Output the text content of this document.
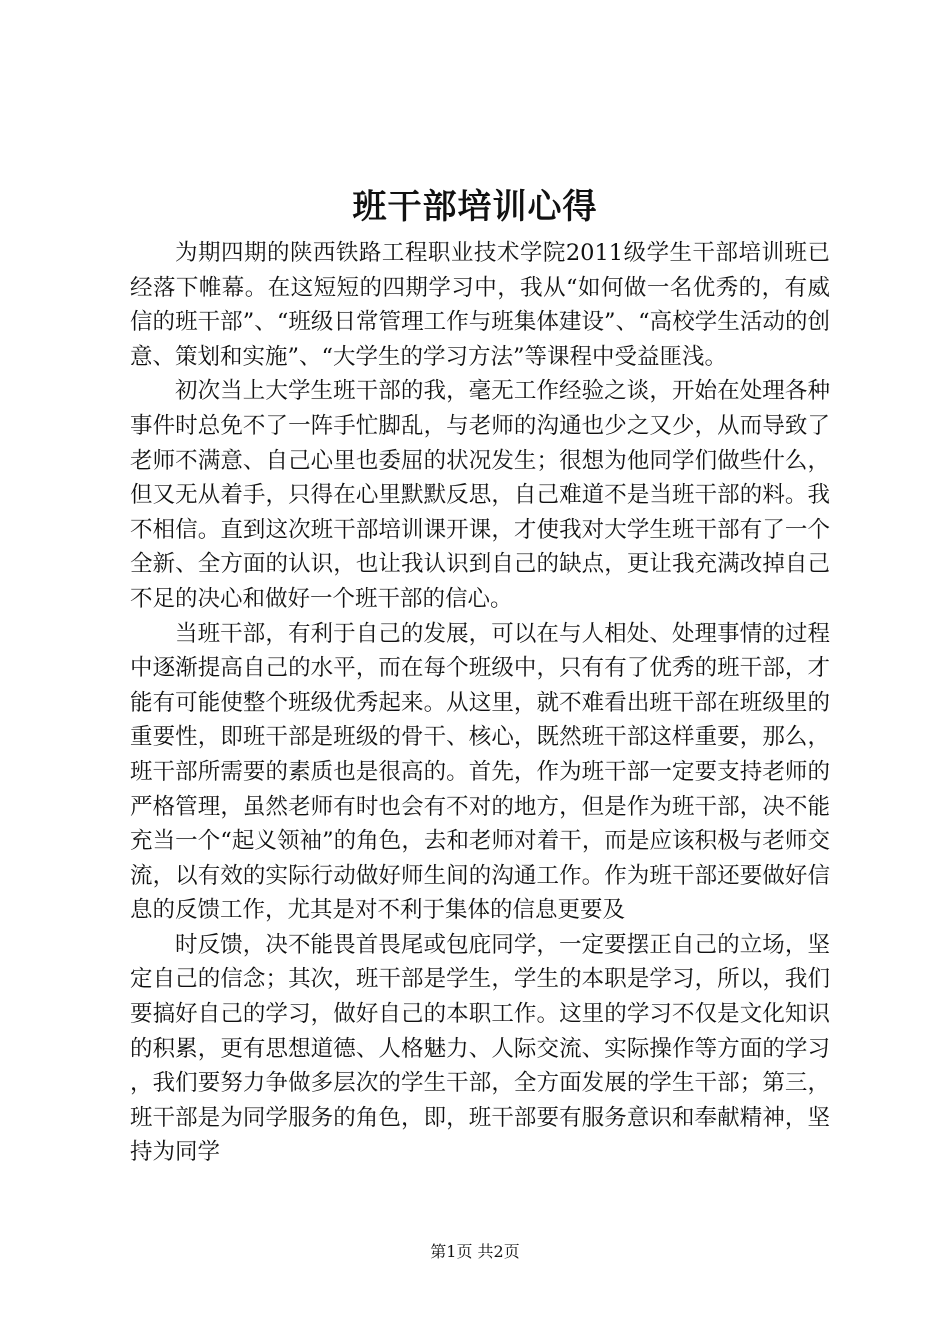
班干部培训心得

为期四期的陕西铁路工程职业技术学院2011级学生干部培训班已经落下帷幕。在这短短的四期学习中，我从“如何做一名优秀的，有威信的班干部”、“班级日常管理工作与班集体建设”、“高校学生活动的创意、策划和实施”、“大学生的学习方法”等课程中受益匪浅。

初次当上大学生班干部的我，毫无工作经验之谈，开始在处理各种事件时总免不了一阵手忙脚乱，与老师的沟通也少之又少，从而导致了老师不满意、自己心里也委屈的状况发生；很想为他同学们做些什么，但又无从着手，只得在心里默默反思，自己难道不是当班干部的料。我不相信。直到这次班干部培训课开课，才使我对大学生班干部有了一个全新、全方面的认识，也让我认识到自己的缺点，更让我充满改掉自己不足的决心和做好一个班干部的信心。

当班干部，有利于自己的发展，可以在与人相处、处理事情的过程中逐渐提高自己的水平，而在每个班级中，只有有了优秀的班干部，才能有可能使整个班级优秀起来。从这里，就不难看出班干部在班级里的重要性，即班干部是班级的骨干、核心，既然班干部这样重要，那么，班干部所需要的素质也是很高的。首先，作为班干部一定要支持老师的严格管理，虽然老师有时也会有不对的地方，但是作为班干部，决不能充当一个“起义领袖”的角色，去和老师对着干，而是应该积极与老师交流，以有效的实际行动做好师生间的沟通工作。作为班干部还要做好信息的反馈工作，尤其是对不利于集体的信息更要及

时反馈，决不能畏首畏尾或包庇同学，一定要摆正自己的立场，坚定自己的信念；其次，班干部是学生，学生的本职是学习，所以，我们要搞好自己的学习，做好自己的本职工作。这里的学习不仅是文化知识的积累，更有思想道德、人格魅力、人际交流、实际操作等方面的学习，我们要努力争做多层次的学生干部，全方面发展的学生干部；第三，班干部是为同学服务的角色，即，班干部要有服务意识和奉献精神，坚持为同学

第1页 共2页
